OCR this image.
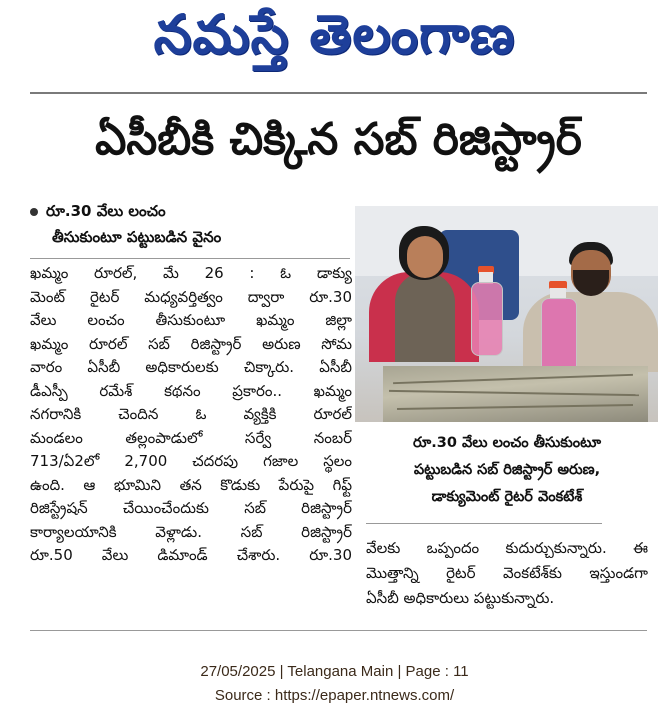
నమస్తే తెలంగాణ
ఏసీబీకి చిక్కిన సబ్ రిజిస్ట్రార్
రూ.30 వేలు లంచం
తీసుకుంటూ పట్టుబడిన వైనం
ఖమ్మం రూరల్, మే 26 : ఓ డాక్యు
మెంట్ రైటర్ మధ్యవర్తిత్వం ద్వారా రూ.30
వేలు లంచం తీసుకుంటూ ఖమ్మం జిల్లా
ఖమ్మం రూరల్ సబ్ రిజిస్ట్రార్ అరుణ సోమ
వారం ఏసీబీ అధికారులకు చిక్కారు. ఏసీబీ
డీఎస్పీ రమేశ్ కథనం ప్రకారం.. ఖమ్మం
నగరానికి చెందిన ఓ వ్యక్తికి రూరల్
మండలం తల్లంపాడులో సర్వే నంబర్
713/ఏ2లో 2,700 చదరపు గజాల స్థలం
ఉంది. ఆ భూమిని తన కొడుకు పేరుపై గిఫ్ట్
రిజిస్ట్రేషన్ చేయించేందుకు సబ్ రిజిస్ట్రార్
కార్యాలయానికి వెళ్లాడు. సబ్ రిజిస్ట్రార్
రూ.50 వేలు డిమాండ్ చేశారు. రూ.30
రూ.30 వేలు లంచం తీసుకుంటూ
పట్టుబడిన సబ్ రిజిస్ట్రార్ అరుణ,
డాక్యుమెంట్ రైటర్ వెంకటేశ్
వేలకు ఒప్పందం కుదుర్చుకున్నారు. ఈ
మొత్తాన్ని రైటర్ వెంకటేశ్‌కు ఇస్తుండగా
ఏసీబీ అధికారులు పట్టుకున్నారు.
27/05/2025 | Telangana Main | Page : 11
Source : https://epaper.ntnews.com/
